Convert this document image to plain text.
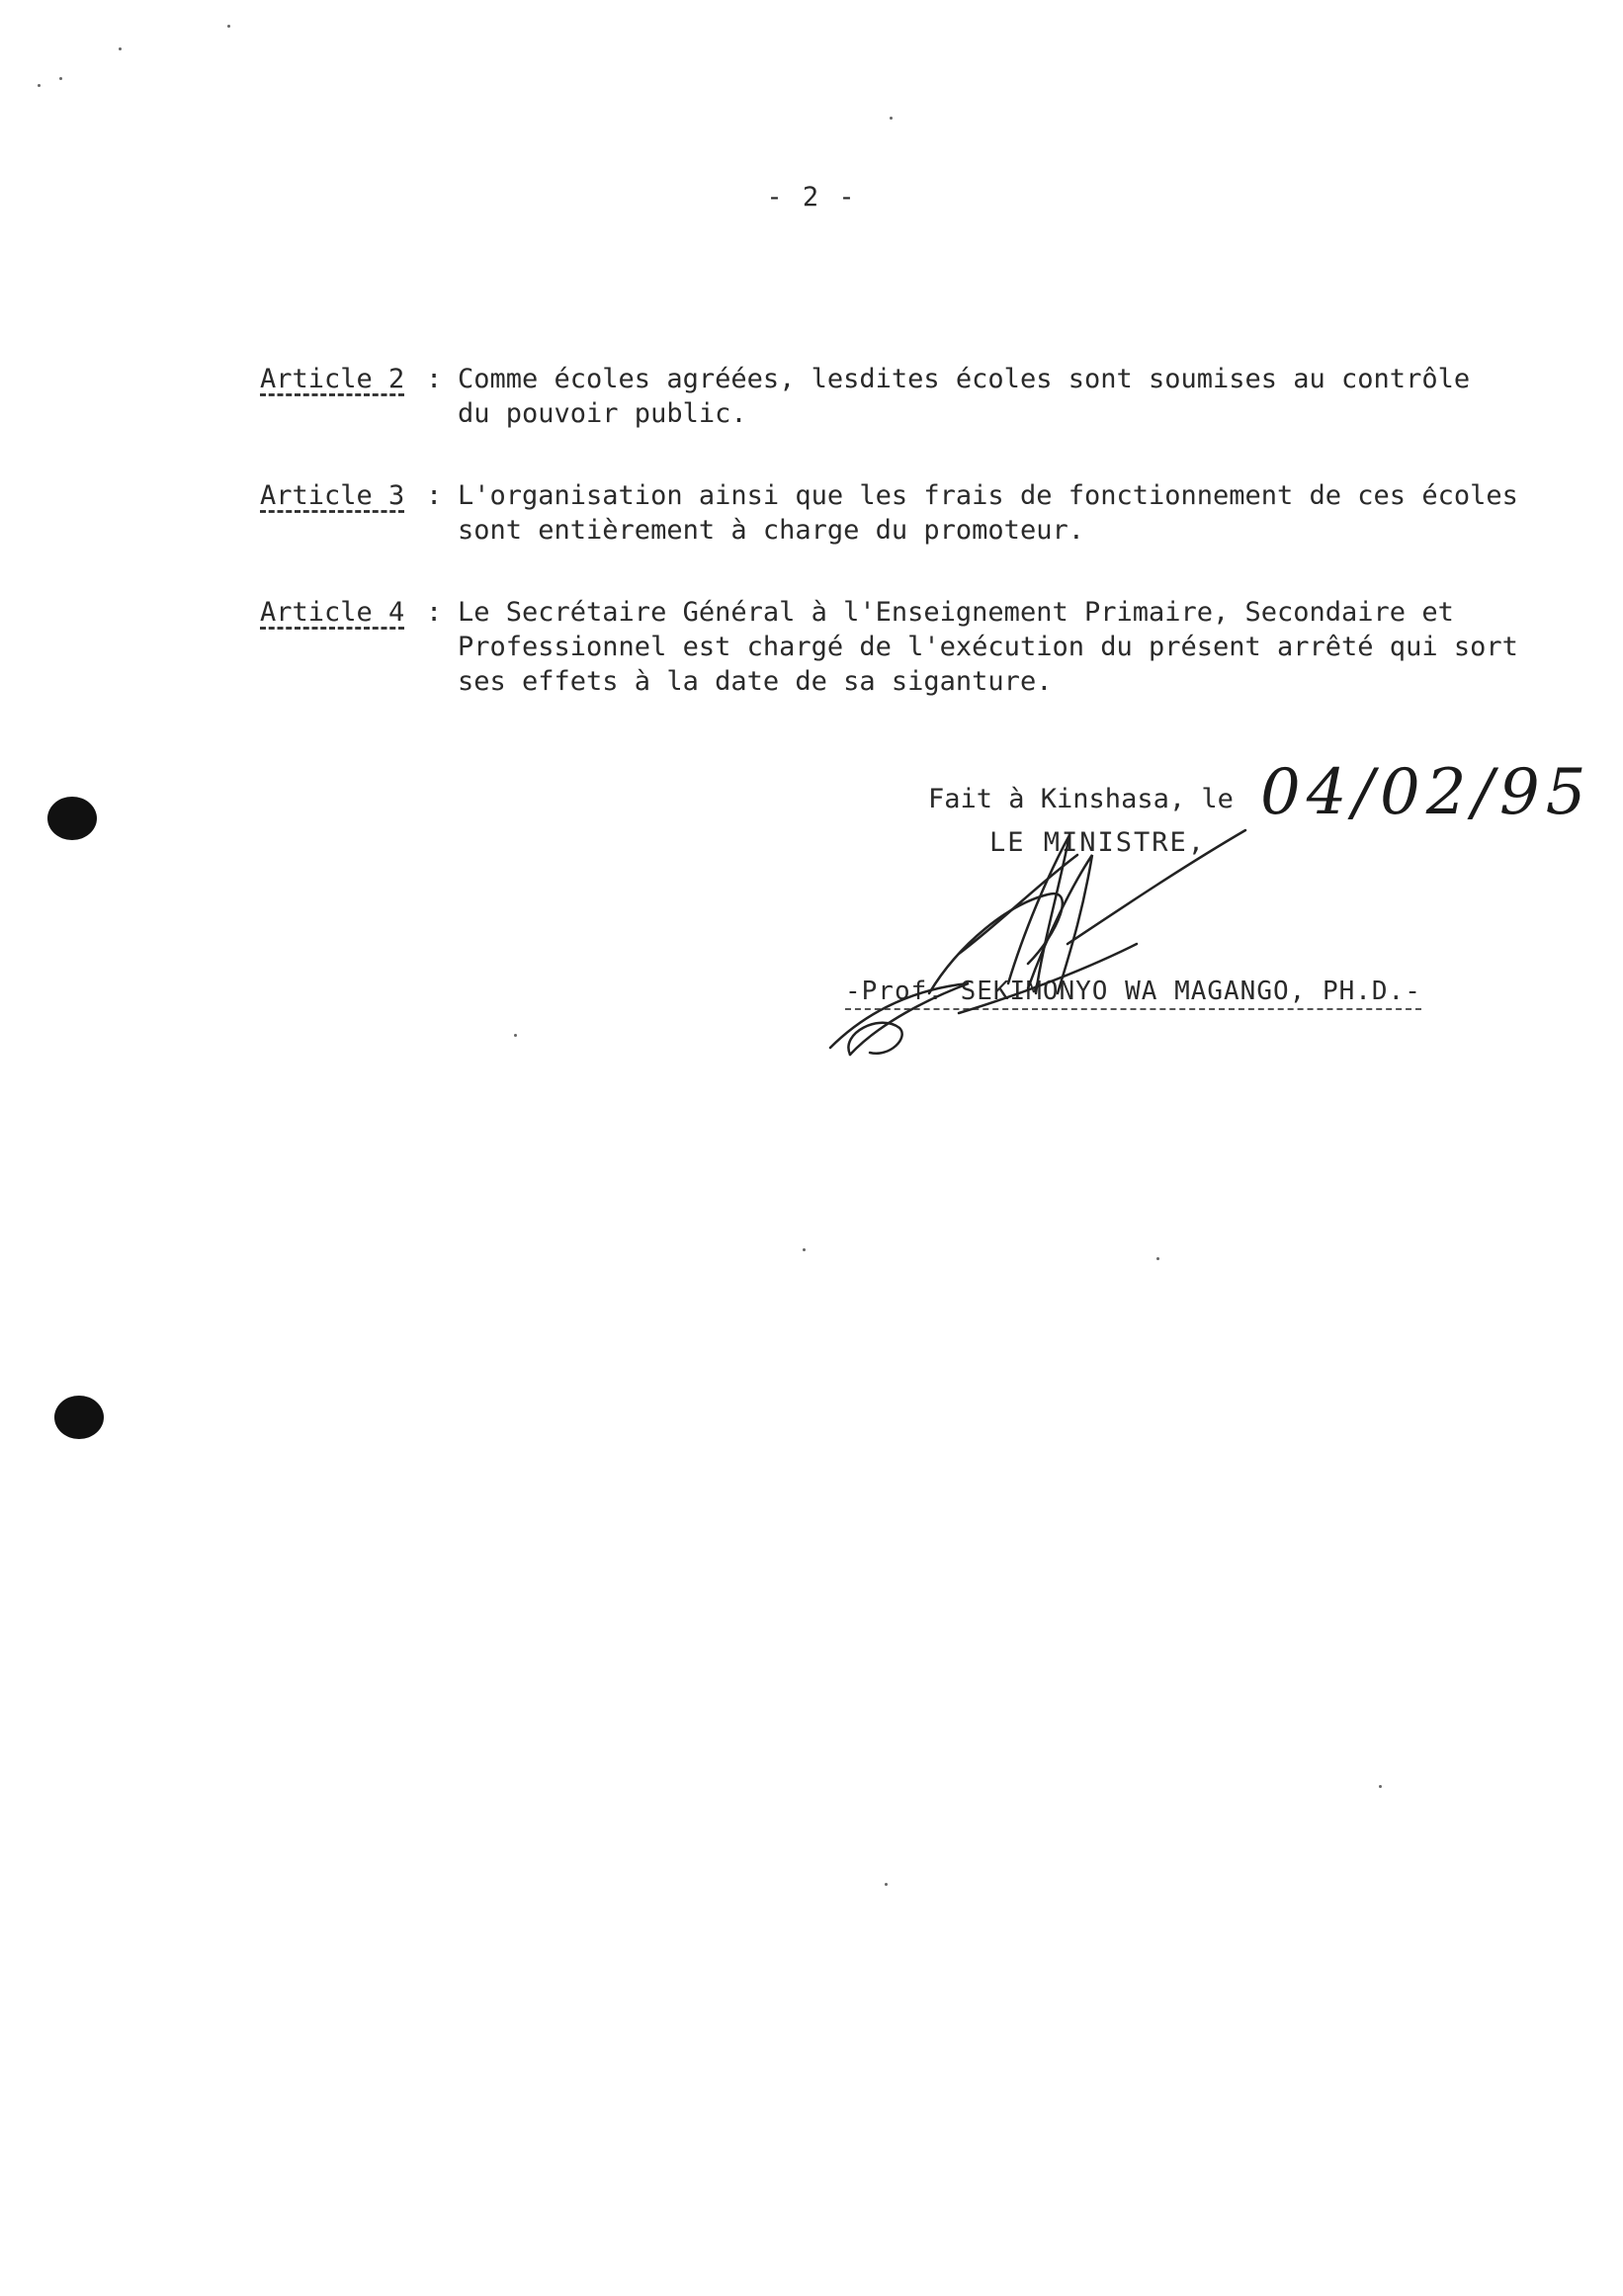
- 2 -
Article 2 : Comme écoles agréées, lesdites écoles sont soumises au contrôle
du pouvoir public.
Article 3 : L'organisation ainsi que les frais de fonctionnement de ces écoles
sont entièrement à charge du promoteur.
Article 4 : Le Secrétaire Général à l'Enseignement Primaire, Secondaire et
Professionnel est chargé de l'exécution du présent arrêté qui sort
ses effets à la date de sa siganture.
Fait à Kinshasa, le 04/02/95
LE MINISTRE,
-Prof. SEKIMONYO WA MAGANGO, PH.D.-
